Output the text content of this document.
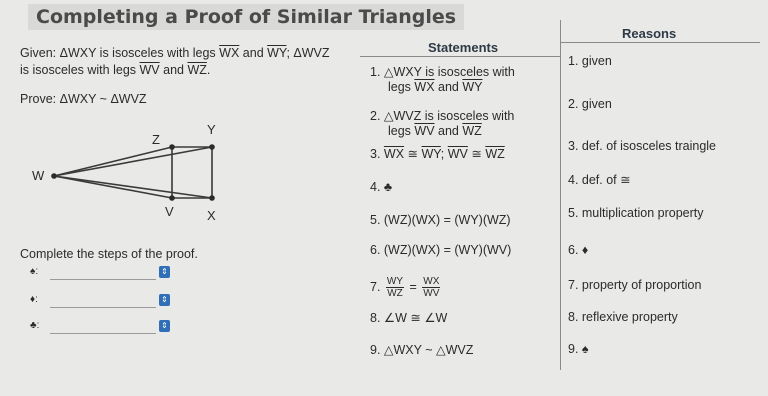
Completing a Proof of Similar Triangles
Given: ΔWXY is isosceles with legs $\overline{WX}$ and $\overline{WY}$; ΔWVZ
is isosceles with legs $\overline{WV}$ and $\overline{WZ}$.
Prove: ΔWXY ~ ΔWVZ
W
Z
Y
V	X
Complete the steps of the proof.
♠:	⇕
♦:	⇕
♣:	⇕
Statements
Reasons
1. △WXY is isosceles with
legs $\overline{WX}$ and $\overline{WY}$
1. given
2. △WVZ is isosceles with
legs $\overline{WV}$ and $\overline{WZ}$
2. given
3. $\overline{WX}$ ≅ $\overline{WY}$; $\overline{WV}$ ≅ $\overline{WZ}$
3. def. of isosceles traingle
4. ♣	4. def. of ≅
5. (WZ)(WX) = (WY)(WZ)	5. multiplication property
6. (WZ)(WX) = (WY)(WV)	6. ♦
7. $\frac{WY}{WZ} = \frac{WX}{WV}$	7. property of proportion
8. ∠W ≅ ∠W	8. reflexive property
9. △WXY ~ △WVZ	9. ♠
